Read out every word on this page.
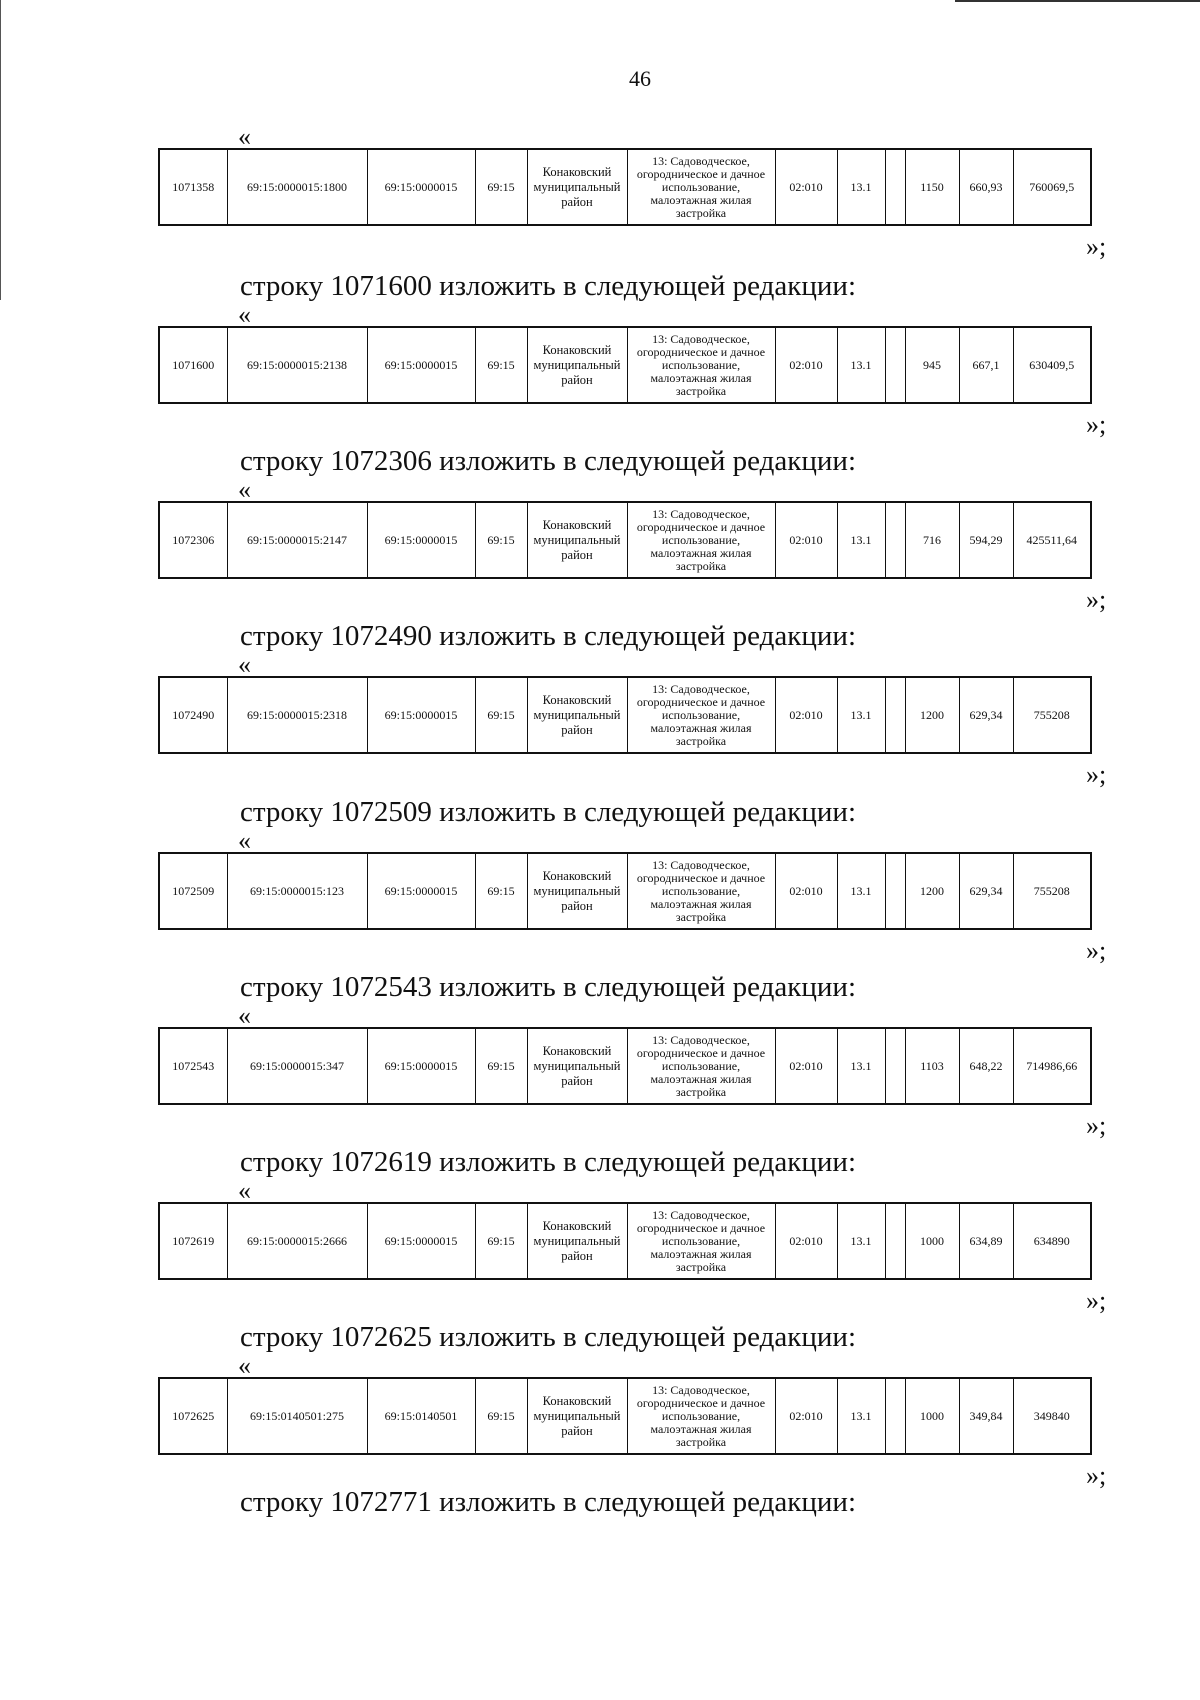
46
«
1071358	69:15:0000015:1800	69:15:0000015	69:15	Конаковский муниципальный район	13: Садоводческое, огородническое и дачное использование, малоэтажная жилая застройка	02:010	13.1		1150	660,93	760069,5
»;
строку 1071600 изложить в следующей редакции:
«
1071600	69:15:0000015:2138	69:15:0000015	69:15	Конаковский муниципальный район	13: Садоводческое, огородническое и дачное использование, малоэтажная жилая застройка	02:010	13.1		945	667,1	630409,5
»;
строку 1072306 изложить в следующей редакции:
«
1072306	69:15:0000015:2147	69:15:0000015	69:15	Конаковский муниципальный район	13: Садоводческое, огородническое и дачное использование, малоэтажная жилая застройка	02:010	13.1		716	594,29	425511,64
»;
строку 1072490 изложить в следующей редакции:
«
1072490	69:15:0000015:2318	69:15:0000015	69:15	Конаковский муниципальный район	13: Садоводческое, огородническое и дачное использование, малоэтажная жилая застройка	02:010	13.1		1200	629,34	755208
»;
строку 1072509 изложить в следующей редакции:
«
1072509	69:15:0000015:123	69:15:0000015	69:15	Конаковский муниципальный район	13: Садоводческое, огородническое и дачное использование, малоэтажная жилая застройка	02:010	13.1		1200	629,34	755208
»;
строку 1072543 изложить в следующей редакции:
«
1072543	69:15:0000015:347	69:15:0000015	69:15	Конаковский муниципальный район	13: Садоводческое, огородническое и дачное использование, малоэтажная жилая застройка	02:010	13.1		1103	648,22	714986,66
»;
строку 1072619 изложить в следующей редакции:
«
1072619	69:15:0000015:2666	69:15:0000015	69:15	Конаковский муниципальный район	13: Садоводческое, огородническое и дачное использование, малоэтажная жилая застройка	02:010	13.1		1000	634,89	634890
»;
строку 1072625 изложить в следующей редакции:
«
1072625	69:15:0140501:275	69:15:0140501	69:15	Конаковский муниципальный район	13: Садоводческое, огородническое и дачное использование, малоэтажная жилая застройка	02:010	13.1		1000	349,84	349840
»;
строку 1072771 изложить в следующей редакции:
